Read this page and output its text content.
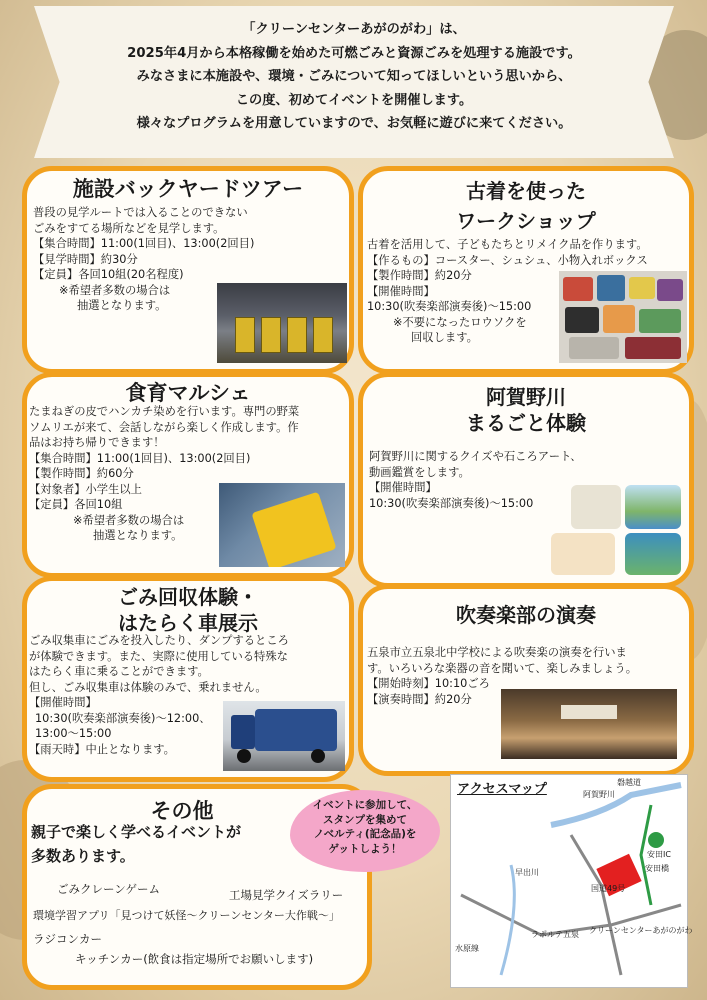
「クリーンセンターあがのがわ」は、
2025年4月から本格稼働を始めた可燃ごみと資源ごみを処理する施設です。
みなさまに本施設や、環境・ごみについて知ってほしいという思いから、
この度、初めてイベントを開催します。
様々なプログラムを用意していますので、お気軽に遊びに来てください。
施設バックヤードツアー
普段の見学ルートでは入ることのできない
ごみをすてる場所などを見学します。
【集合時間】11:00(1回目)、13:00(2回目)
【見学時間】約30分
【定員】各回10組(20名程度)
※希望者多数の場合は
抽選となります。
古着を使った
ワークショップ
古着を活用して、子どもたちとリメイク品を作ります。
【作るもの】コースター、シュシュ、小物入れボックス
【製作時間】約20分
【開催時間】
10:30(吹奏楽部演奏後)～15:00
※不要になったロウソクを
回収します。
食育マルシェ
たまねぎの皮でハンカチ染めを行います。専門の野菜
ソムリエが来て、会話しながら楽しく作成します。作
品はお持ち帰りできます！
【集合時間】11:00(1回目)、13:00(2回目)
【製作時間】約60分
【対象者】小学生以上
【定員】各回10組
※希望者多数の場合は
抽選となります。
阿賀野川
まるごと体験
阿賀野川に関するクイズや石ころアート、
動画鑑賞をします。
【開催時間】
10:30(吹奏楽部演奏後)～15:00
ごみ回収体験・
はたらく車展示
ごみ収集車にごみを投入したり、ダンプするところ
が体験できます。また、実際に使用している特殊な
はたらく車に乗ることができます。
但し、ごみ収集車は体験のみで、乗れません。
【開催時間】
10:30(吹奏楽部演奏後)～12:00、
13:00～15:00
【雨天時】中止となります。
吹奏楽部の演奏
五泉市立五泉北中学校による吹奏楽の演奏を行いま
す。いろいろな楽器の音を聞いて、楽しみましょう。
【開始時刻】10:10ごろ
【演奏時間】約20分
その他
親子で楽しく学べるイベントが
多数あります。
ごみクレーンゲーム	工場見学クイズラリー
環境学習アプリ「見つけて妖怪～クリーンセンター大作戦～」
ラジコンカー
キッチンカー(飲食は指定場所でお願いします)
イベントに参加して、
スタンプを集めて
ノベルティ(記念品)を
ゲットしよう！
アクセスマップ	阿賀野川
磐越道
安田IC
安田橋
早出川
国道49号
ラポルテ五泉 クリーンセンターあがのがわ
水原線
